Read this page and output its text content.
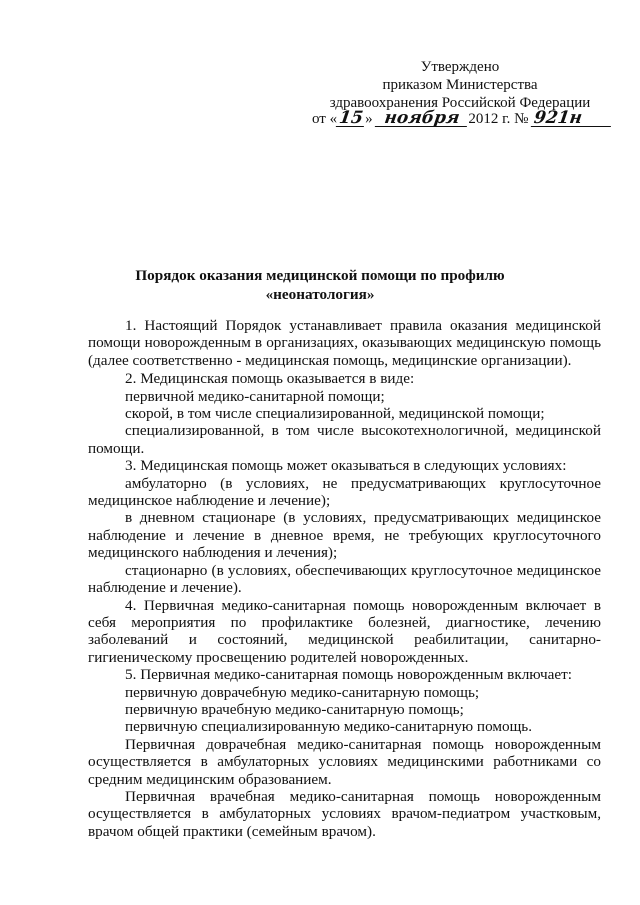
Утверждено
приказом Министерства
здравоохранения Российской Федерации
от «15» ноября 2012 г. № 921н
Порядок оказания медицинской помощи по профилю
«неонатология»

1. Настоящий Порядок устанавливает правила оказания медицинской помощи новорожденным в организациях, оказывающих медицинскую помощь (далее соответственно - медицинская помощь, медицинские организации).

2. Медицинская помощь оказывается в виде:

первичной медико-санитарной помощи;

скорой, в том числе специализированной, медицинской помощи;

специализированной, в том числе высокотехнологичной, медицинской помощи.

3. Медицинская помощь может оказываться в следующих условиях:

амбулаторно (в условиях, не предусматривающих круглосуточное медицинское наблюдение и лечение);

в дневном стационаре (в условиях, предусматривающих медицинское наблюдение и лечение в дневное время, не требующих круглосуточного медицинского наблюдения и лечения);

стационарно (в условиях, обеспечивающих круглосуточное медицинское наблюдение и лечение).

4. Первичная медико-санитарная помощь новорожденным включает в себя мероприятия по профилактике болезней, диагностике, лечению заболеваний и состояний, медицинской реабилитации, санитарно-гигиеническому просвещению родителей новорожденных.

5. Первичная медико-санитарная помощь новорожденным включает:

первичную доврачебную медико-санитарную помощь;

первичную врачебную медико-санитарную помощь;

первичную специализированную медико-санитарную помощь.

Первичная доврачебная медико-санитарная помощь новорожденным осуществляется в амбулаторных условиях медицинскими работниками со средним медицинским образованием.

Первичная врачебная медико-санитарная помощь новорожденным осуществляется в амбулаторных условиях врачом-педиатром участковым, врачом общей практики (семейным врачом).
